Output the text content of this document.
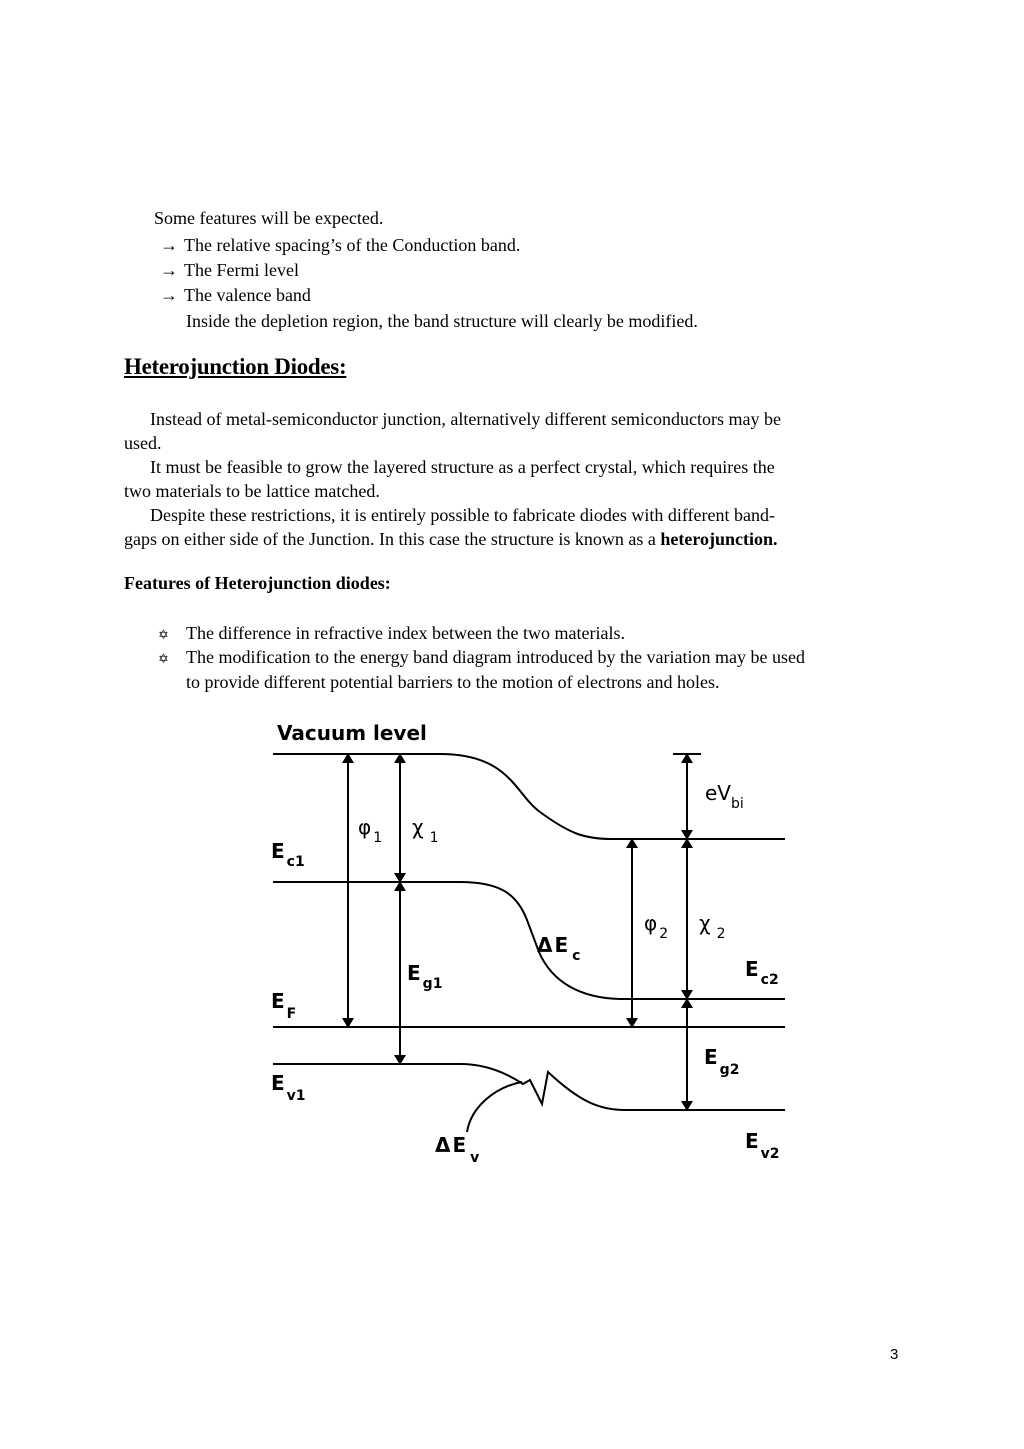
Some features will be expected.
→ The relative spacing’s of the Conduction band.
→ The Fermi level
→ The valence band
Inside the depletion region, the band structure will clearly be modified.
Heterojunction Diodes:
Instead of metal-semiconductor junction, alternatively different semiconductors may be
used.
It must be feasible to grow the layered structure as a perfect crystal, which requires the
two materials to be lattice matched.
Despite these restrictions, it is entirely possible to fabricate diodes with different band-
gaps on either side of the Junction. In this case the structure is known as a heterojunction.
Features of Heterojunction diodes:
✡ The difference in refractive index between the two materials.
✡ The modification to the energy band diagram introduced by the variation may be used
to provide different potential barriers to the motion of electrons and holes.
Vacuum level
E $_{c1}$
$E_F$
$E_{v1}$
φ $_1$ χ $_1$
E $_{g1}$
Δ E $_c$
Δ $E_v$
$eV_{bi}$
φ $_2$ χ $_2$
E $_{c2}$
$E_{g2}$
$E_{v2}$
3
